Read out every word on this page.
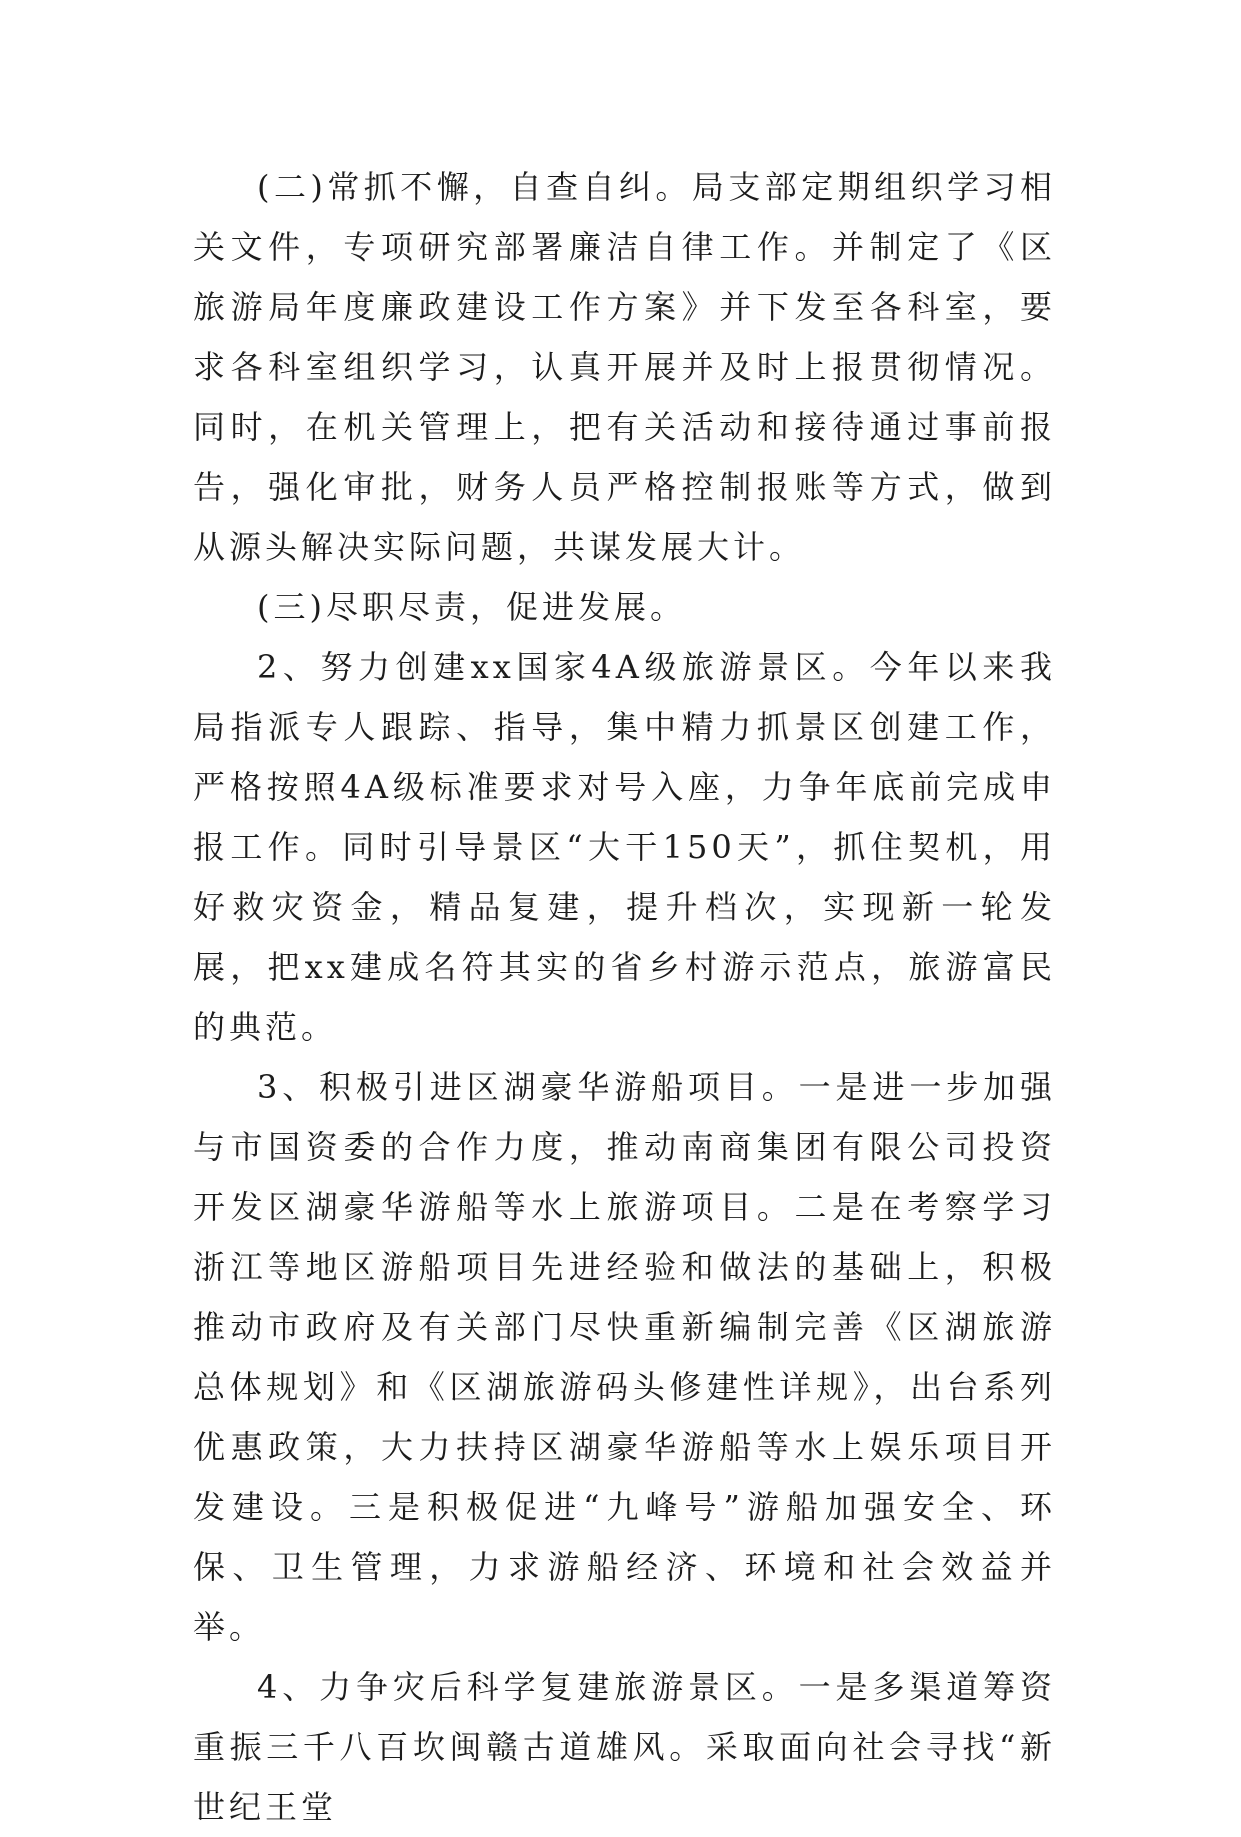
(二)常抓不懈，自查自纠。局支部定期组织学习相关文件，专项研究部署廉洁自律工作。并制定了《区旅游局年度廉政建设工作方案》并下发至各科室，要求各科室组织学习，认真开展并及时上报贯彻情况。同时，在机关管理上，把有关活动和接待通过事前报告，强化审批，财务人员严格控制报账等方式，做到从源头解决实际问题，共谋发展大计。

(三)尽职尽责，促进发展。

2、努力创建xx国家4A级旅游景区。今年以来我局指派专人跟踪、指导，集中精力抓景区创建工作，严格按照4A级标准要求对号入座，力争年底前完成申报工作。同时引导景区“大干150天”，抓住契机，用好救灾资金，精品复建，提升档次，实现新一轮发展，把xx建成名符其实的省乡村游示范点，旅游富民的典范。

3、积极引进区湖豪华游船项目。一是进一步加强与市国资委的合作力度，推动南商集团有限公司投资开发区湖豪华游船等水上旅游项目。二是在考察学习浙江等地区游船项目先进经验和做法的基础上，积极推动市政府及有关部门尽快重新编制完善《区湖旅游总体规划》和《区湖旅游码头修建性详规》，出台系列优惠政策，大力扶持区湖豪华游船等水上娱乐项目开发建设。三是积极促进“九峰号”游船加强安全、环保、卫生管理，力求游船经济、环境和社会效益并举。

4、力争灾后科学复建旅游景区。一是多渠道筹资重振三千八百坎闽赣古道雄风。采取面向社会寻找“新世纪王堂
